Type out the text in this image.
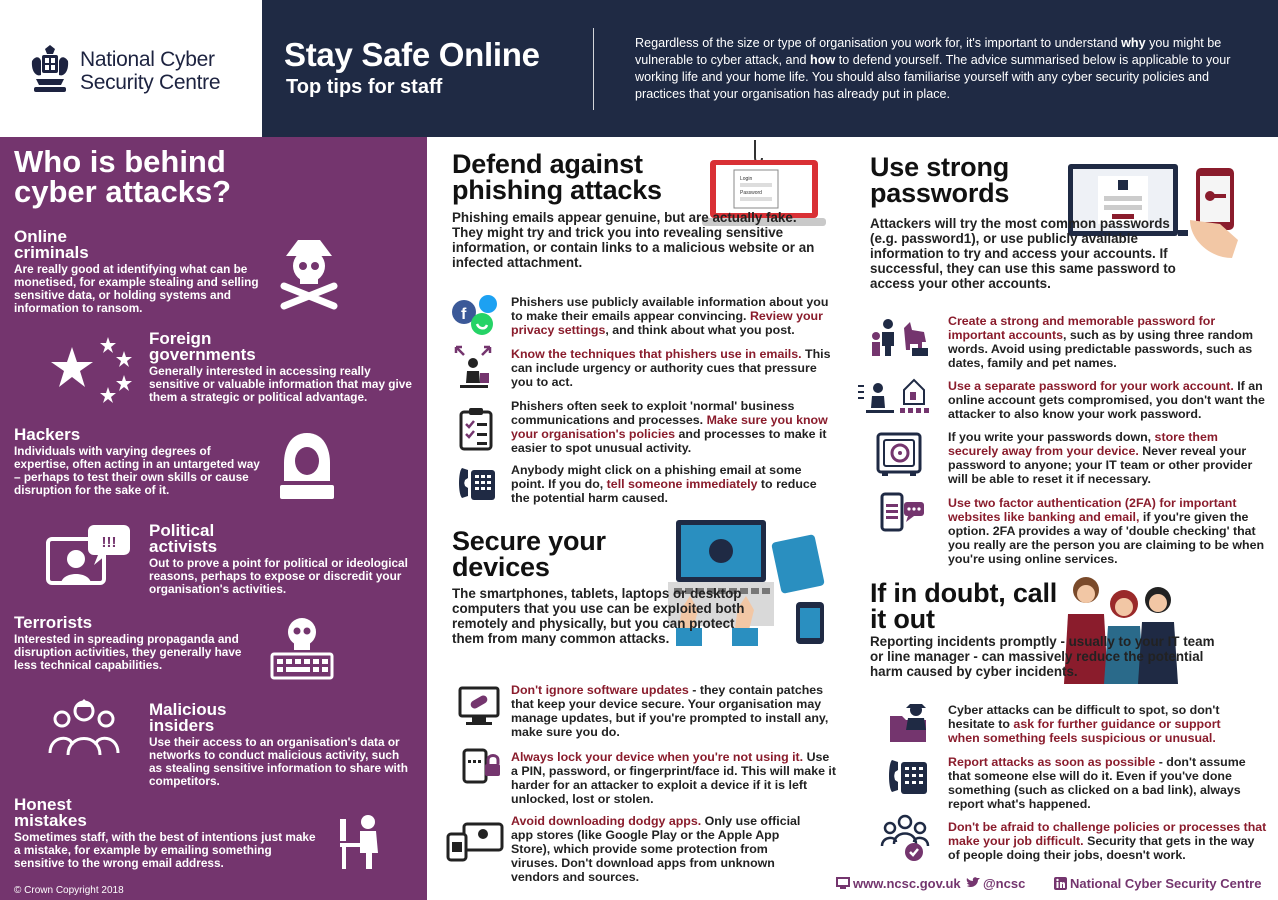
National Cyber
Security Centre
Stay Safe Online
Top tips for staff
Regardless of the size or type of organisation you work for, it's important to understand why you might be vulnerable to cyber attack, and how to defend yourself. The advice summarised below is applicable to your working life and your home life. You should also familiarise yourself with any cyber security policies and practices that your organisation has already put in place.
Who is behind cyber attacks?
Online criminals
Are really good at identifying what can be monetised, for example stealing and selling sensitive data, or holding systems and information to ransom.
Foreign governments
Generally interested in accessing really sensitive or valuable information that may give them a strategic or political advantage.
Hackers
Individuals with varying degrees of expertise, often acting in an untargeted way – perhaps to test their own skills or cause disruption for the sake of it.
!!!
Political activists
Out to prove a point for political or ideological reasons, perhaps to expose or discredit your organisation's activities.
Terrorists
Interested in spreading propaganda and disruption activities, they generally have less technical capabilities.
Malicious insiders
Use their access to an organisation's data or networks to conduct malicious activity, such as stealing sensitive information to share with competitors.
Honest mistakes
Sometimes staff, with the best of intentions just make a mistake, for example by emailing something sensitive to the wrong email address.
© Crown Copyright 2018
Defend against phishing attacks	Login
Password
Phishing emails appear genuine, but are actually fake. They might try and trick you into revealing sensitive information, or contain links to a malicious website or an infected attachment.
f
Phishers use publicly available information about you to make their emails appear convincing. Review your privacy settings, and think about what you post.
Know the techniques that phishers use in emails. This can include urgency or authority cues that pressure you to act.
Phishers often seek to exploit 'normal' business communications and processes. Make sure you know your organisation's policies and processes to make it easier to spot unusual activity.
Anybody might click on a phishing email at some point. If you do, tell someone immediately to reduce the potential harm caused.
Secure your devices
The smartphones, tablets, laptops or desktop computers that you use can be exploited both remotely and physically, but you can protect them from many common attacks.
Don't ignore software updates - they contain patches that keep your device secure. Your organisation may manage updates, but if you're prompted to install any, make sure you do.
Always lock your device when you're not using it. Use a PIN, password, or fingerprint/face id. This will make it harder for an attacker to exploit a device if it is left unlocked, lost or stolen.
Avoid downloading dodgy apps. Only use official app stores (like Google Play or the Apple App Store), which provide some protection from viruses. Don't download apps from unknown vendors and sources.
Use strong passwords
Attackers will try the most common passwords (e.g. password1), or use publicly available information to try and access your accounts. If successful, they can use this same password to access your other accounts.
Create a strong and memorable password for important accounts, such as by using three random words. Avoid using predictable passwords, such as dates, family and pet names.
Use a separate password for your work account. If an online account gets compromised, you don't want the attacker to also know your work password.
If you write your passwords down, store them securely away from your device. Never reveal your password to anyone; your IT team or other provider will be able to reset it if necessary.
Use two factor authentication (2FA) for important websites like banking and email, if you're given the option. 2FA provides a way of 'double checking' that you really are the person you are claiming to be when you're using online services.
If in doubt, call it out
Reporting incidents promptly - usually to your IT team or line manager - can massively reduce the potential harm caused by cyber incidents.
Cyber attacks can be difficult to spot, so don't hesitate to ask for further guidance or support when something feels suspicious or unusual.
Report attacks as soon as possible - don't assume that someone else will do it. Even if you've done something (such as clicked on a bad link), always report what's happened.
Don't be afraid to challenge policies or processes that make your job difficult. Security that gets in the way of people doing their jobs, doesn't work.
www.ncsc.gov.uk	@ncsc	National Cyber Security Centre
